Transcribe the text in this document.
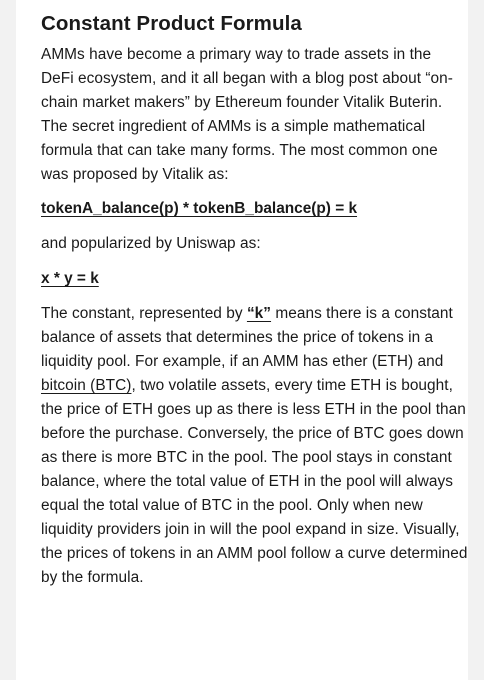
Constant Product Formula

AMMs have become a primary way to trade assets in the DeFi ecosystem, and it all began with a blog post about “on-chain market makers” by Ethereum founder Vitalik Buterin. The secret ingredient of AMMs is a simple mathematical formula that can take many forms. The most common one was proposed by Vitalik as:

tokenA_balance(p) * tokenB_balance(p) = k

and popularized by Uniswap as:

x * y = k

The constant, represented by “k” means there is a constant balance of assets that determines the price of tokens in a liquidity pool. For example, if an AMM has ether (ETH) and bitcoin (BTC), two volatile assets, every time ETH is bought, the price of ETH goes up as there is less ETH in the pool than before the purchase. Conversely, the price of BTC goes down as there is more BTC in the pool. The pool stays in constant balance, where the total value of ETH in the pool will always equal the total value of BTC in the pool. Only when new liquidity providers join in will the pool expand in size. Visually, the prices of tokens in an AMM pool follow a curve determined by the formula.
